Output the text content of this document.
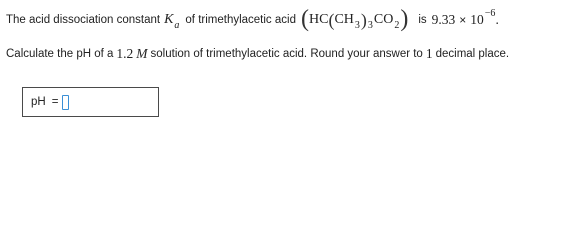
The acid dissociation constant $K_a$ of trimethylacetic acid ( HC ( CH 3 ) 3 CO 2 ) is $9.33 \times 10^{-6}$ .
Calculate the pH of a 1.2 M solution of trimethylacetic acid. Round your answer to 1 decimal place.
pH =
